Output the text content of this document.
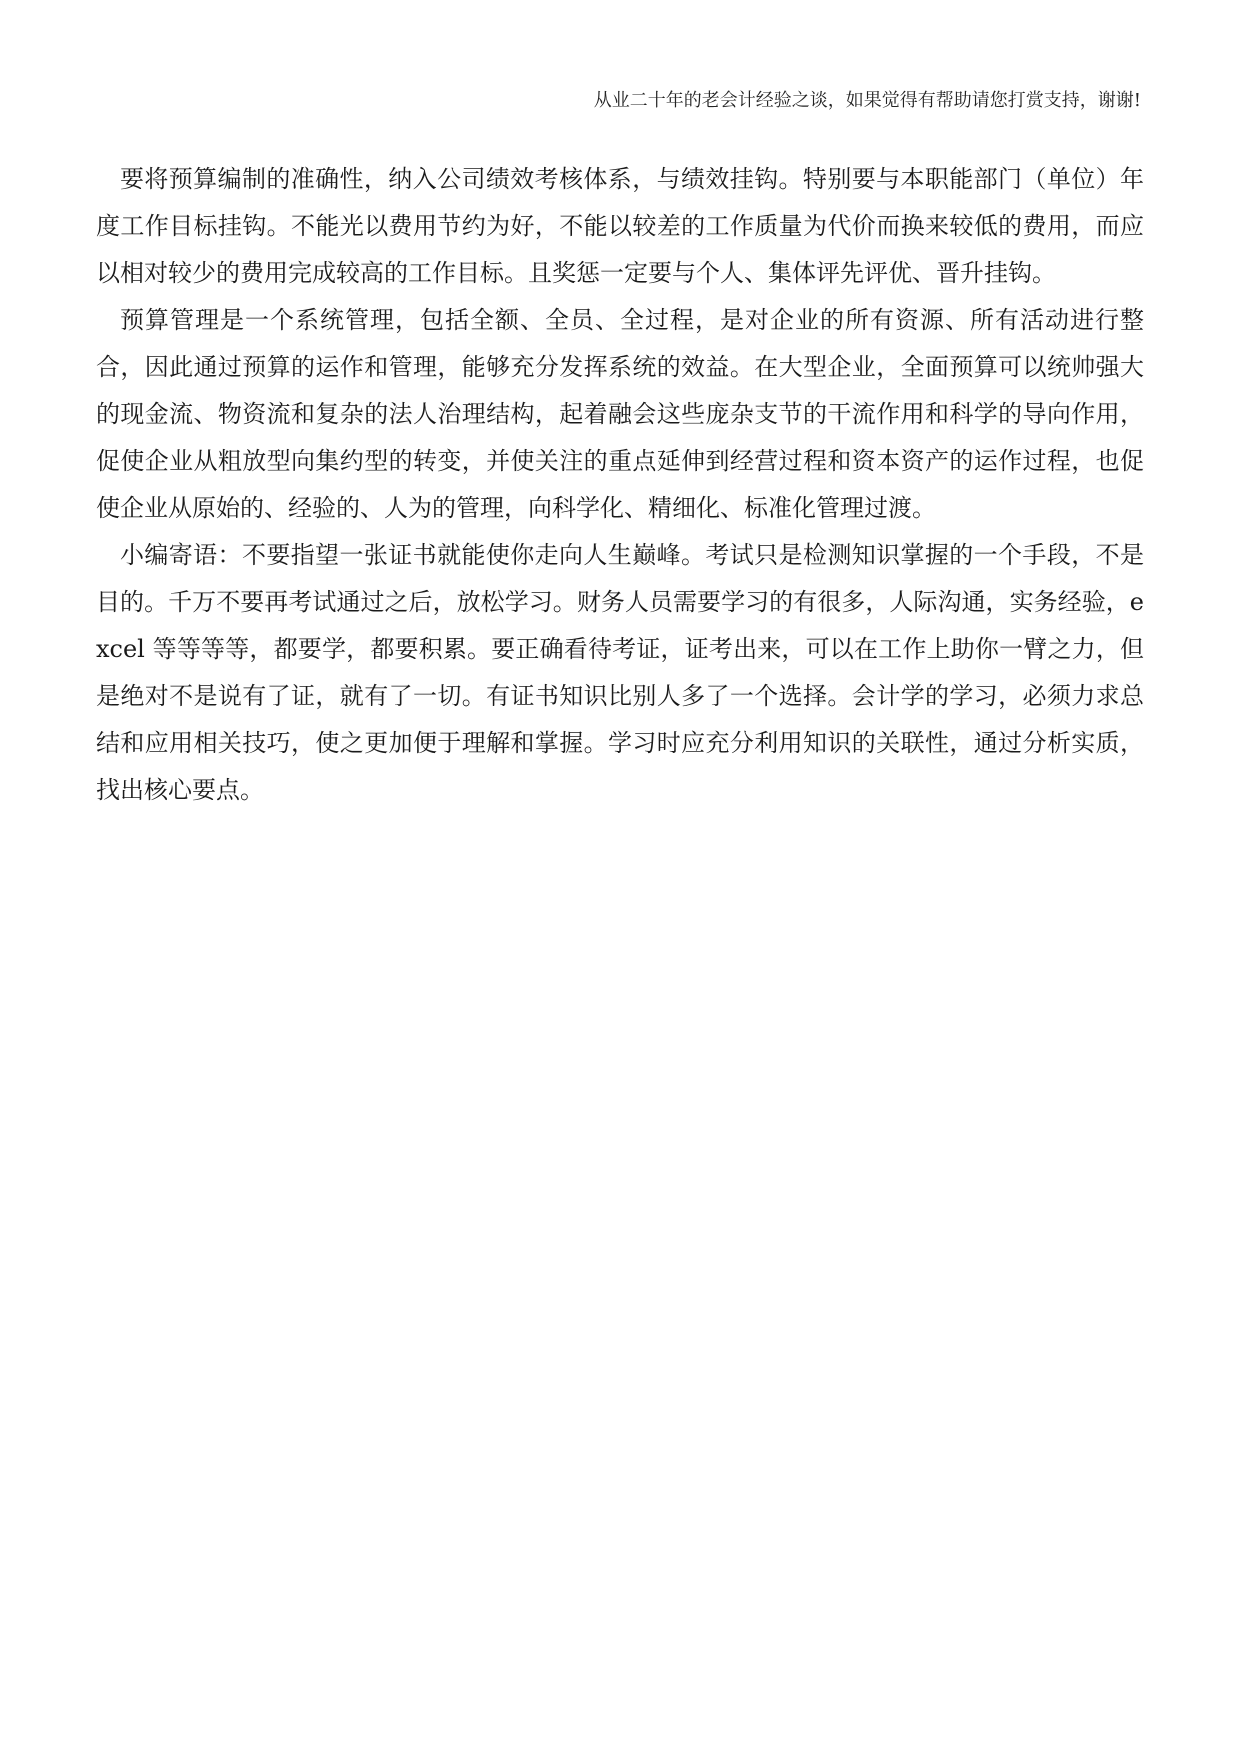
从业二十年的老会计经验之谈，如果觉得有帮助请您打赏支持，谢谢!

要将预算编制的准确性，纳入公司绩效考核体系，与绩效挂钩。特别要与本职能部门（单位）年度工作目标挂钩。不能光以费用节约为好，不能以较差的工作质量为代价而换来较低的费用，而应以相对较少的费用完成较高的工作目标。且奖惩一定要与个人、集体评先评优、晋升挂钩。

预算管理是一个系统管理，包括全额、全员、全过程，是对企业的所有资源、所有活动进行整合，因此通过预算的运作和管理，能够充分发挥系统的效益。在大型企业，全面预算可以统帅强大的现金流、物资流和复杂的法人治理结构，起着融会这些庞杂支节的干流作用和科学的导向作用，促使企业从粗放型向集约型的转变，并使关注的重点延伸到经营过程和资本资产的运作过程，也促使企业从原始的、经验的、人为的管理，向科学化、精细化、标准化管理过渡。

小编寄语：不要指望一张证书就能使你走向人生巅峰。考试只是检测知识掌握的一个手段，不是目的。千万不要再考试通过之后，放松学习。财务人员需要学习的有很多，人际沟通，实务经验，excel 等等等等，都要学，都要积累。要正确看待考证，证考出来，可以在工作上助你一臂之力，但是绝对不是说有了证，就有了一切。有证书知识比别人多了一个选择。会计学的学习，必须力求总结和应用相关技巧，使之更加便于理解和掌握。学习时应充分利用知识的关联性，通过分析实质，找出核心要点。
